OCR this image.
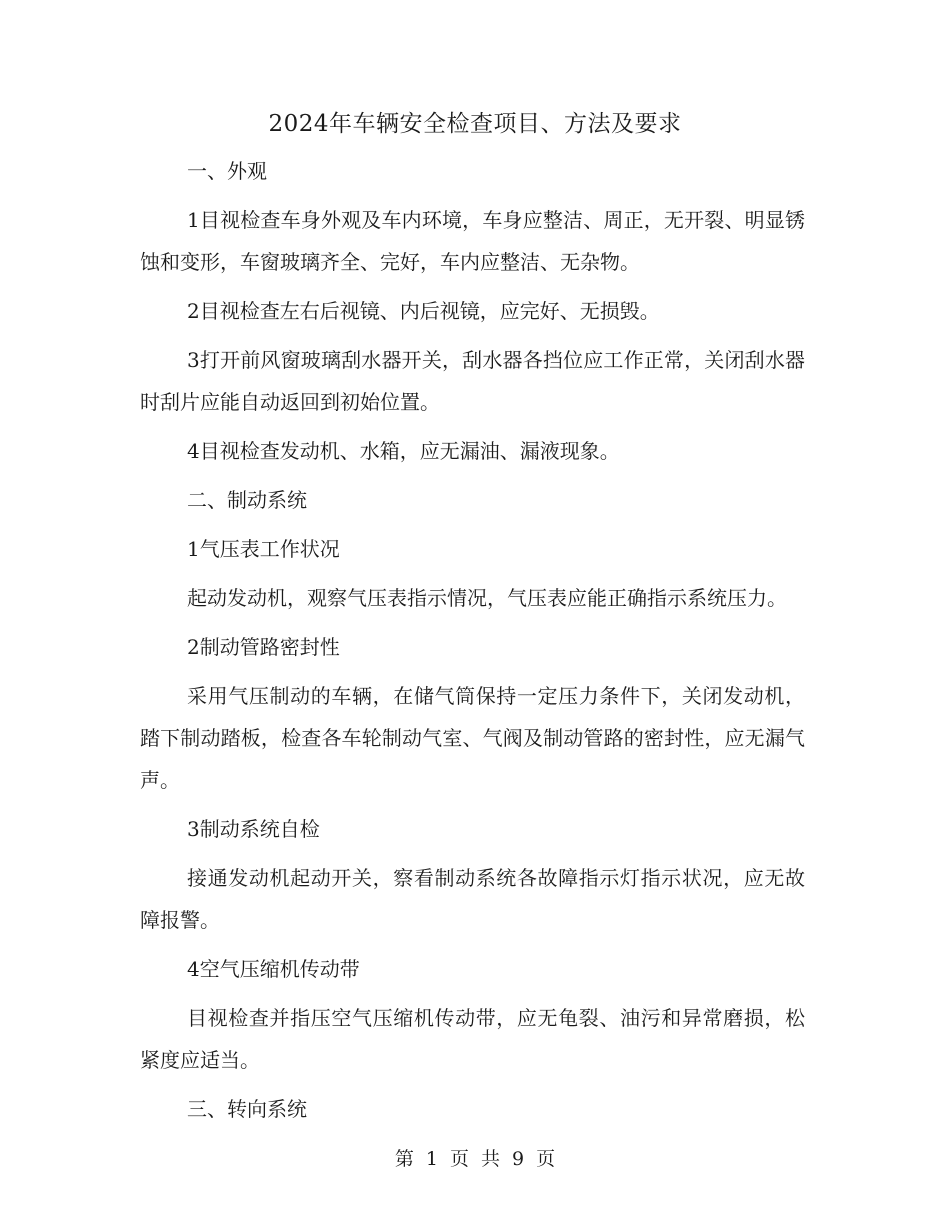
2024年车辆安全检查项目、方法及要求

一、外观

1目视检查车身外观及车内环境，车身应整洁、周正，无开裂、明显锈蚀和变形，车窗玻璃齐全、完好，车内应整洁、无杂物。

2目视检查左右后视镜、内后视镜，应完好、无损毁。

3打开前风窗玻璃刮水器开关，刮水器各挡位应工作正常，关闭刮水器时刮片应能自动返回到初始位置。

4目视检查发动机、水箱，应无漏油、漏液现象。

二、制动系统

1气压表工作状况

起动发动机，观察气压表指示情况，气压表应能正确指示系统压力。

2制动管路密封性

采用气压制动的车辆，在储气筒保持一定压力条件下，关闭发动机，踏下制动踏板，检查各车轮制动气室、气阀及制动管路的密封性，应无漏气声。

3制动系统自检

接通发动机起动开关，察看制动系统各故障指示灯指示状况，应无故障报警。

4空气压缩机传动带

目视检查并指压空气压缩机传动带，应无龟裂、油污和异常磨损，松紧度应适当。

三、转向系统

第 1 页 共 9 页
